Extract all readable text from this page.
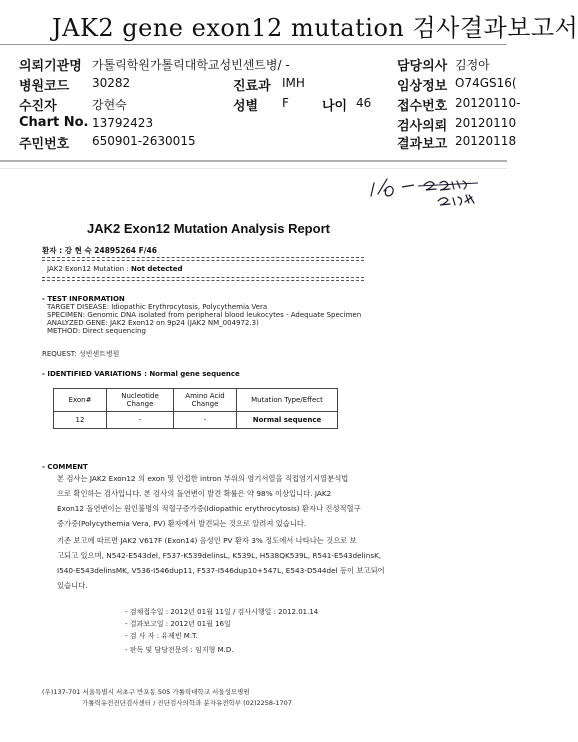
JAK2 gene exon12 mutation 검사결과보고서
의뢰기관명 가톨릭학원가톨릭대학교성빈센트병/ -	담당의사 김정아
병원코드 30282	진료과 IMH	임상정보 O74GS16(
수진자	강현숙	성별 F	나이 46 접수번호 20120110-
Chart No. 13792423	검사의뢰 20120110
주민번호 650901-2630015	결과보고 20120118
JAK2 Exon12 Mutation Analysis Report
환자 : 강 현 숙 24895264 F/46
JAK2 Exon12 Mutation : Not detected
- TEST INFORMATION
TARGET DISEASE: Idiopathic Erythrocytosis, Polycythemia Vera
SPECIMEN: Genomic DNA isolated from peripheral blood leukocytes - Adequate Specimen
ANALYZED GENE: JAK2 Exon12 on 9p24 (JAK2 NM_004972.3)
METHOD: Direct sequencing
REQUEST: 성빈센트병원
- IDENTIFIED VARIATIONS : Normal gene sequence
Exon#	Nucleotide Change	Amino Acid Change	Mutation Type/Effect
12	-	-	Normal sequence
- COMMENT
본 검사는 JAK2 Exon12 의 exon 및 인접한 intron 부위의 염기서열을 직접염기서열분석법
으로 확인하는 검사입니다. 본 검사의 돌연변이 발견 확률은 약 98% 이상입니다. JAK2
Exon12 돌연변이는 원인불명의 적혈구증가증(Idiopathic erythrocytosis) 환자나 진성적혈구
증가증(Polycythemia Vera, PV) 환자에서 발견되는 것으로 알려져 있습니다.
기존 보고에 따르면 JAK2 V617F (Exon14) 음성인 PV 환자 3% 정도에서 나타나는 것으로 보
고되고 있으며, N542-E543del, F537-K539delinsL, K539L, H538QK539L, R541-E543delinsK,
I540-E543delinsMK, V536-I546dup11, F537-I546dup10+547L, E543-D544del 등이 보고되어
있습니다.
- 검체접수일 : 2012년 01월 11일 / 검사시행일 : 2012.01.14
- 결과보고일 : 2012년 01월 16일
- 검 사 자 : 유제빈 M.T.
- 판독 및 담당전문의 : 임지형 M.D.
(우)137-701 서울특별시 서초구 반포동 505 가톨릭대학교 서울성모병원
가톨릭유전진단검사센터 / 진단검사의학과 분자유전학부 (02)2258-1707
